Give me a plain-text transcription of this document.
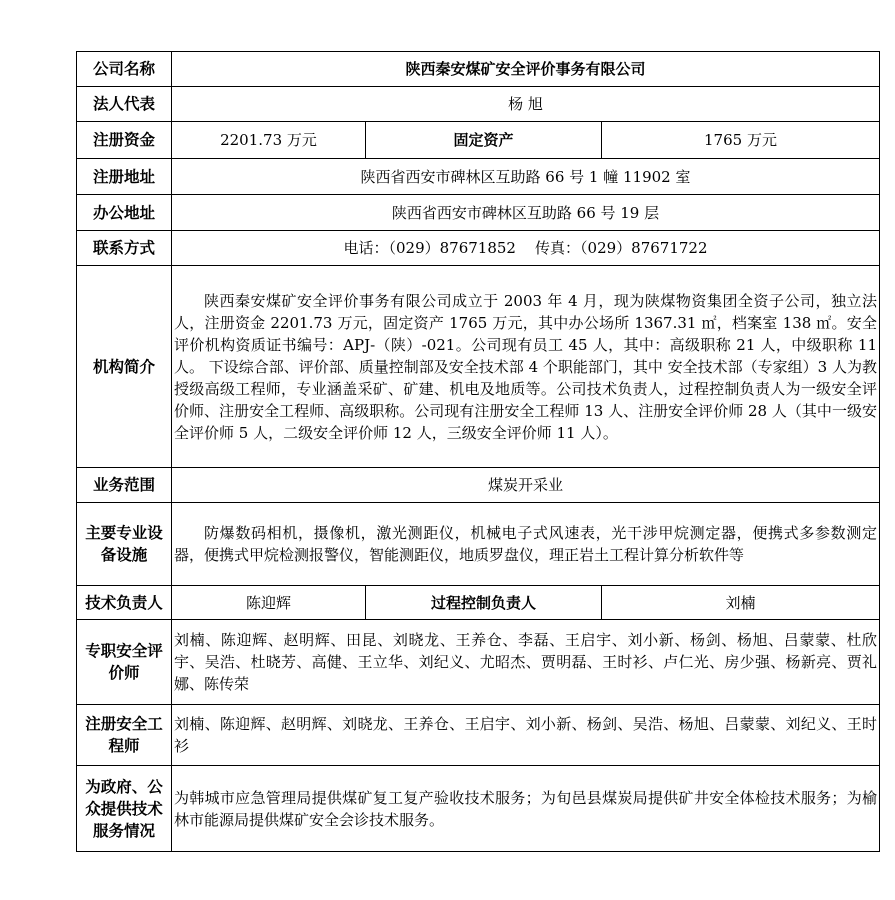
公司名称	陕西秦安煤矿安全评价事务有限公司		
法人代表	杨 旭		
注册资金	2201.73 万元	固定资产	1765 万元
注册地址	陕西省西安市碑林区互助路 66 号 1 幢 11902 室		
办公地址	陕西省西安市碑林区互助路 66 号 19 层		
联系方式	电话：（029）87671852    传真：（029）87671722		
机构简介	陕西秦安煤矿安全评价事务有限公司成立于 2003 年 4 月，现为陕煤物资集团全资子公司，独立法人，注册资金 2201.73 万元，固定资产 1765 万元，其中办公场所 1367.31 ㎡，档案室 138 ㎡。安全评价机构资质证书编号：APJ-（陕）-021。公司现有员工 45 人，其中：高级职称 21 人，中级职称 11 人。 下设综合部、评价部、质量控制部及安全技术部 4 个职能部门，其中 安全技术部（专家组）3 人为教授级高级工程师，专业涵盖采矿、矿建、机电及地质等。公司技术负责人，过程控制负责人为一级安全评价师、注册安全工程师、高级职称。公司现有注册安全工程师 13 人、注册安全评价师 28 人（其中一级安全评价师 5 人，二级安全评价师 12 人，三级安全评价师 11 人）。		

业务范围	煤炭开采业		
主要专业设备设施	防爆数码相机，摄像机，激光测距仪，机械电子式风速表，光干涉甲烷测定器，便携式多参数测定器，便携式甲烷检测报警仪，智能测距仪，地质罗盘仪，理正岩土工程计算分析软件等		

技术负责人	陈迎辉	过程控制负责人	刘楠
专职安全评价师	刘楠、陈迎辉、赵明辉、田昆、刘晓龙、王养仓、李磊、王启宇、刘小新、杨剑、杨旭、吕蒙蒙、杜欣宇、吴浩、杜晓芳、高健、王立华、刘纪义、尤昭杰、贾明磊、王时衫、卢仁光、房少强、杨新亮、贾礼娜、陈传荣		
注册安全工程师	刘楠、陈迎辉、赵明辉、刘晓龙、王养仓、王启宇、刘小新、杨剑、吴浩、杨旭、吕蒙蒙、刘纪义、王时衫		
为政府、公众提供技术服务情况	为韩城市应急管理局提供煤矿复工复产验收技术服务；为旬邑县煤炭局提供矿井安全体检技术服务；为榆林市能源局提供煤矿安全会诊技术服务。		
